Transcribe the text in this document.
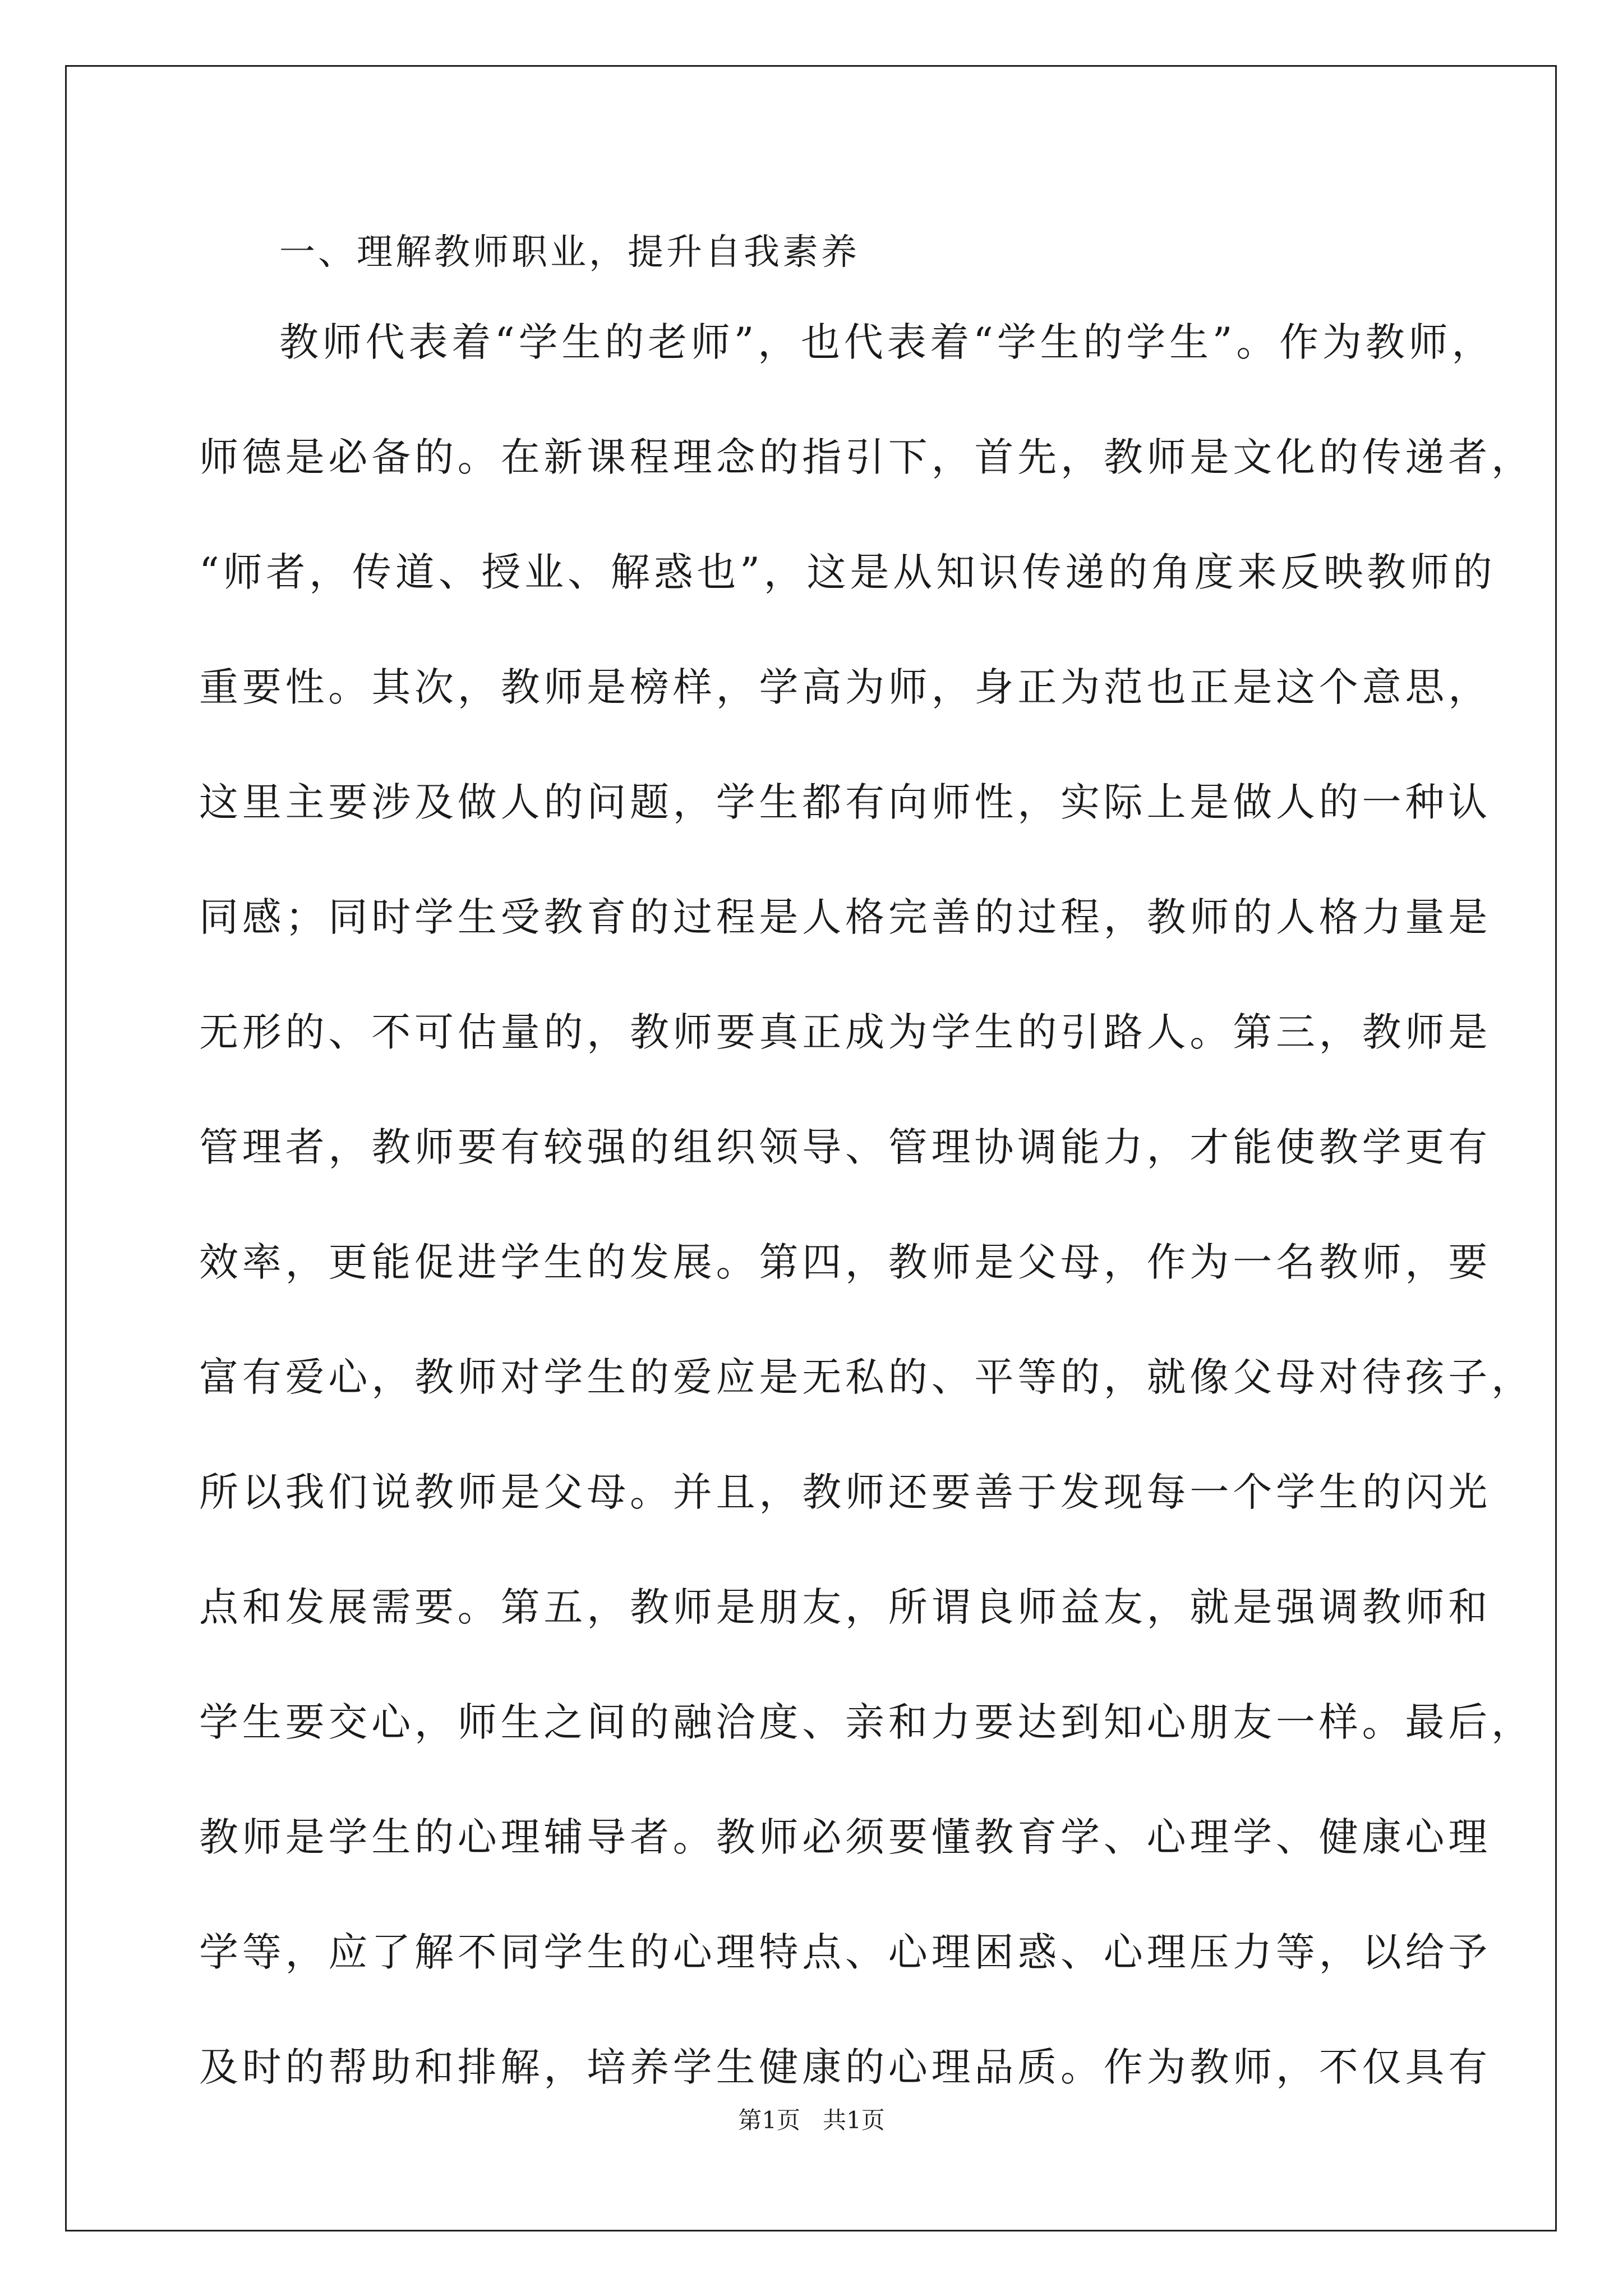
一、理解教师职业，提升自我素养
教师代表着“学生的老师”，也代表着“学生的学生”。作为教师，
师德是必备的。在新课程理念的指引下，首先，教师是文化的传递者，
“师者，传道、授业、解惑也”，这是从知识传递的角度来反映教师的
重要性。其次，教师是榜样，学高为师，身正为范也正是这个意思，
这里主要涉及做人的问题，学生都有向师性，实际上是做人的一种认
同感；同时学生受教育的过程是人格完善的过程，教师的人格力量是
无形的、不可估量的，教师要真正成为学生的引路人。第三，教师是
管理者，教师要有较强的组织领导、管理协调能力，才能使教学更有
效率，更能促进学生的发展。第四，教师是父母，作为一名教师，要
富有爱心，教师对学生的爱应是无私的、平等的，就像父母对待孩子，
所以我们说教师是父母。并且，教师还要善于发现每一个学生的闪光
点和发展需要。第五，教师是朋友，所谓良师益友，就是强调教师和
学生要交心，师生之间的融洽度、亲和力要达到知心朋友一样。最后，
教师是学生的心理辅导者。教师必须要懂教育学、心理学、健康心理
学等，应了解不同学生的心理特点、心理困惑、心理压力等，以给予
及时的帮助和排解，培养学生健康的心理品质。作为教师，不仅具有
第1页 共1页
